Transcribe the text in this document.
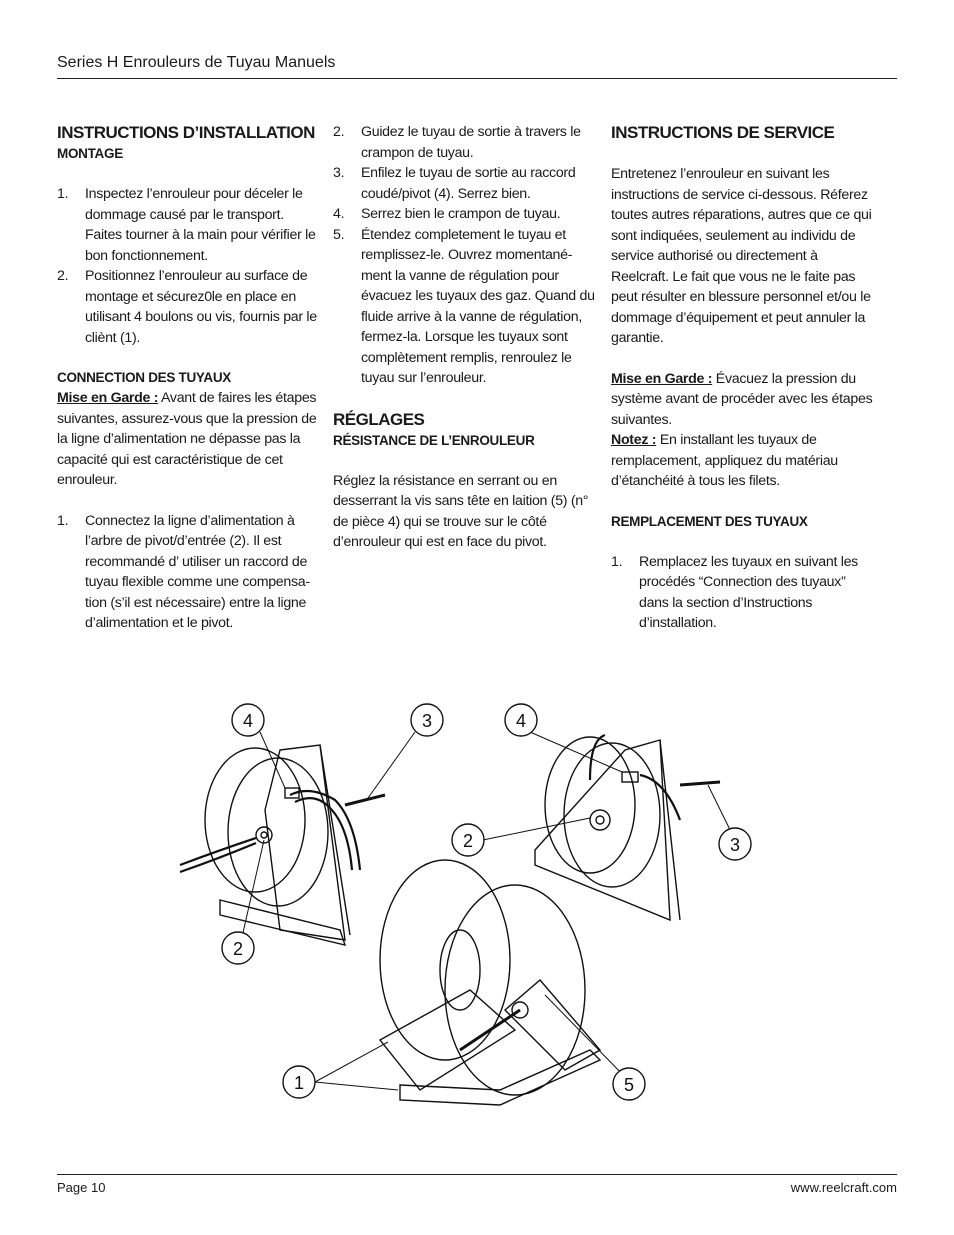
Series H Enrouleurs de Tuyau Manuels
INSTRUCTIONS D’INSTALLATION
MONTAGE
1.	Inspectez l’enrouleur pour déceler le dommage causé par le transport. Faites tourner à la main pour vérifier le bon fonctionnement.
2.	Positionnez l’enrouleur au surface de montage et sécurez0le en place en utilisant 4 boulons ou vis, fournis par le cliènt (1).
CONNECTION DES TUYAUX

Mise en Garde : Avant de faires les étapes suivantes, assurez-vous que la pression de la ligne d’alimentation ne dépasse pas la capacité qui est caractéristique de cet enrouleur.

1.	Connectez la ligne d’alimentation à l’arbre de pivot/d’entrée (2). Il est recommandé d’ utiliser un raccord de tuyau flexible comme une compensation (s’il est nécessaire) entre la ligne d’alimentation et le pivot.
2.	Guidez le tuyau de sortie à travers le crampon de tuyau.
3.	Enfilez le tuyau de sortie au raccord coudé/pivot (4). Serrez bien.
4.	Serrez bien le crampon de tuyau.
5.	Étendez completement le tuyau et remplissez-le. Ouvrez momentanément la vanne de régulation pour évacuez les tuyaux des gaz. Quand du fluide arrive à la vanne de régulation, fermez-la. Lorsque les tuyaux sont complètement remplis, renroulez le tuyau sur l’enrouleur.
RÉGLAGES
RÉSISTANCE DE L’ENROULEUR

Réglez la résistance en serrant ou en desserrant la vis sans tête en laition (5) (n° de pièce 4) qui se trouve sur le côté d’enrouleur qui est en face du pivot.

INSTRUCTIONS DE SERVICE

Entretenez l’enrouleur en suivant les instructions de service ci-dessous. Réferez toutes autres réparations, autres que ce qui sont indiquées, seulement au individu de service authorisé ou directement à Reelcraft. Le fait que vous ne le faite pas peut résulter en blessure personnel et/ou le dommage d’équipement et peut annuler la garantie.

Mise en Garde : Évacuez la pression du système avant de procéder avec les étapes suivantes.

Notez : En installant les tuyaux de remplacement, appliquez du matériau d’étanchéité à tous les filets.

REMPLACEMENT DES TUYAUX
1.	Remplacez les tuyaux en suivant les procédés “Connection des tuyaux” dans la section d’Instructions d’installation.
4	3	4
2	3
2
1	5
Page 10	www.reelcraft.com
